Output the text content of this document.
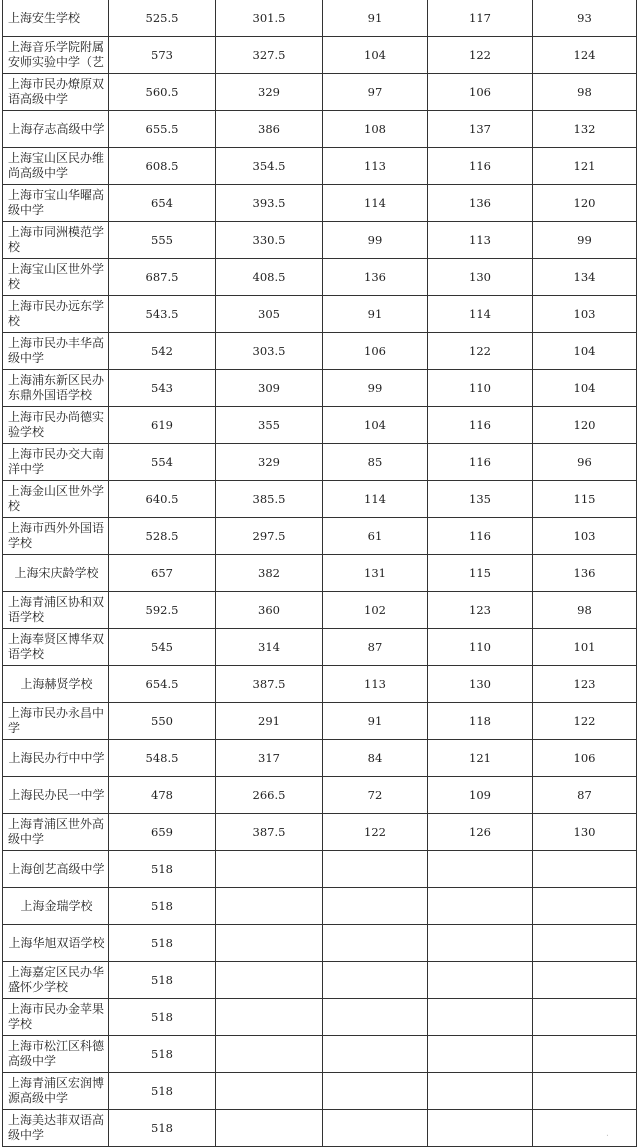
上海安生学校	525.5	301.5	91	117	93
上海音乐学院附属安师实验中学（艺	573	327.5	104	122	124
上海市民办燎原双语高级中学	560.5	329	97	106	98
上海存志高级中学	655.5	386	108	137	132
上海宝山区民办维尚高级中学	608.5	354.5	113	116	121
上海市宝山华曜高级中学	654	393.5	114	136	120
上海市同洲模范学校	555	330.5	99	113	99
上海宝山区世外学校	687.5	408.5	136	130	134
上海市民办远东学校	543.5	305	91	114	103
上海市民办丰华高级中学	542	303.5	106	122	104
上海浦东新区民办东鼎外国语学校	543	309	99	110	104
上海市民办尚德实验学校	619	355	104	116	120
上海市民办交大南洋中学	554	329	85	116	96
上海金山区世外学校	640.5	385.5	114	135	115
上海市西外外国语学校	528.5	297.5	61	116	103
上海宋庆龄学校	657	382	131	115	136
上海青浦区协和双语学校	592.5	360	102	123	98
上海奉贤区博华双语学校	545	314	87	110	101
上海赫贤学校	654.5	387.5	113	130	123
上海市民办永昌中学	550	291	91	118	122
上海民办行中中学	548.5	317	84	121	106
上海民办民一中学	478	266.5	72	109	87
上海青浦区世外高级中学	659	387.5	122	126	130
上海创艺高级中学	518				
上海金瑞学校	518				
上海华旭双语学校	518				
上海嘉定区民办华盛怀少学校	518				
上海市民办金苹果学校	518				
上海市松江区科德高级中学	518				
上海青浦区宏润博源高级中学	518				
上海美达菲双语高级中学	518				
·
